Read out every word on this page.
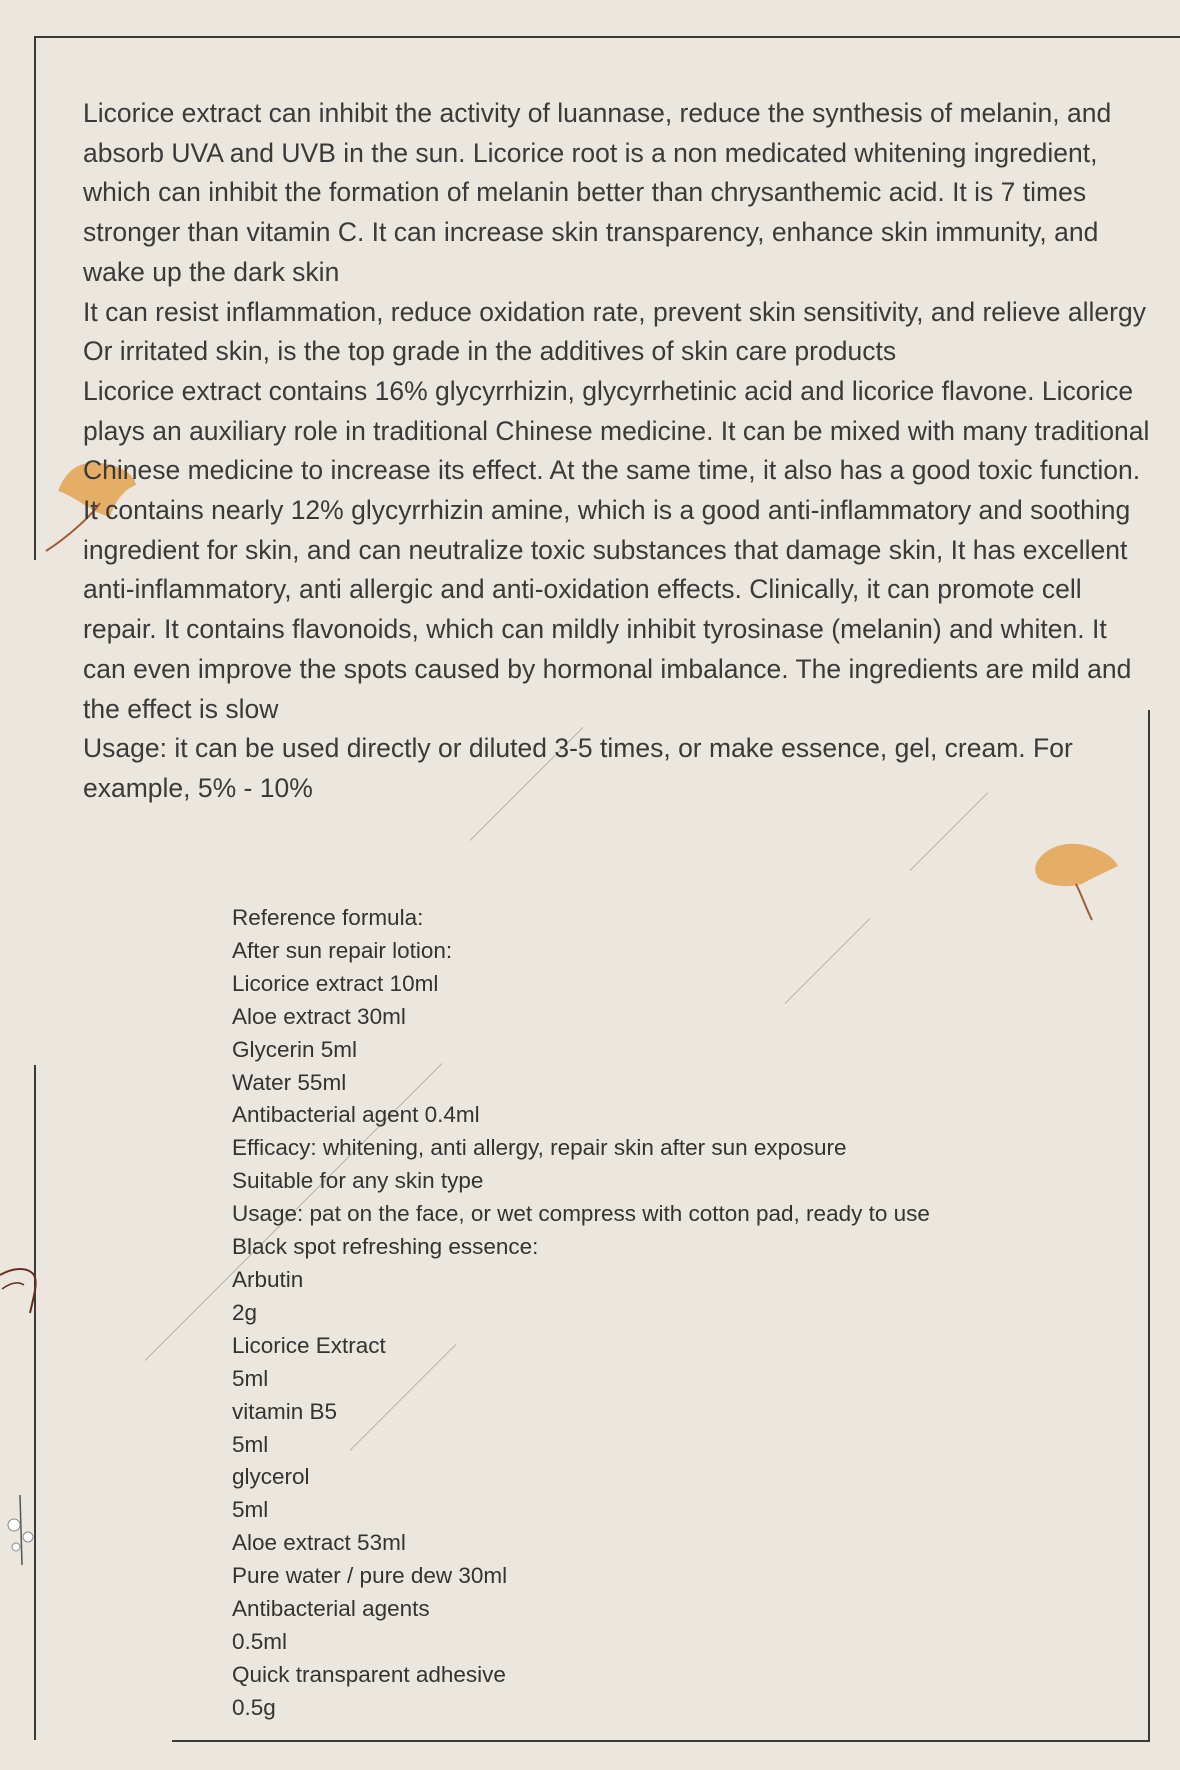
Licorice extract can inhibit the activity of luannase, reduce the synthesis of melanin, and absorb UVA and UVB in the sun. Licorice root is a non medicated whitening ingredient, which can inhibit the formation of melanin better than chrysanthemic acid. It is 7 times stronger than vitamin C. It can increase skin transparency, enhance skin immunity, and wake up the dark skin

It can resist inflammation, reduce oxidation rate, prevent skin sensitivity, and relieve allergy

Or irritated skin, is the top grade in the additives of skin care products

Licorice extract contains 16% glycyrrhizin, glycyrrhetinic acid and licorice flavone. Licorice plays an auxiliary role in traditional Chinese medicine. It can be mixed with many traditional Chinese medicine to increase its effect. At the same time, it also has a good toxic function. It contains nearly 12% glycyrrhizin amine, which is a good anti-inflammatory and soothing ingredient for skin, and can neutralize toxic substances that damage skin, It has excellent anti-inflammatory, anti allergic and anti-oxidation effects. Clinically, it can promote cell repair. It contains flavonoids, which can mildly inhibit tyrosinase (melanin) and whiten. It can even improve the spots caused by hormonal imbalance. The ingredients are mild and the effect is slow

Usage: it can be used directly or diluted 3-5 times, or make essence, gel, cream. For example, 5% - 10%

Reference formula:
After sun repair lotion:
Licorice extract 10ml
Aloe extract 30ml
Glycerin 5ml
Water 55ml
Antibacterial agent 0.4ml
Efficacy: whitening, anti allergy, repair skin after sun exposure
Suitable for any skin type
Usage: pat on the face, or wet compress with cotton pad, ready to use
Black spot refreshing essence:
Arbutin
2g
Licorice Extract
5ml
vitamin B5
5ml
glycerol
5ml
Aloe extract 53ml
Pure water / pure dew 30ml
Antibacterial agents
0.5ml
Quick transparent adhesive
0.5g
